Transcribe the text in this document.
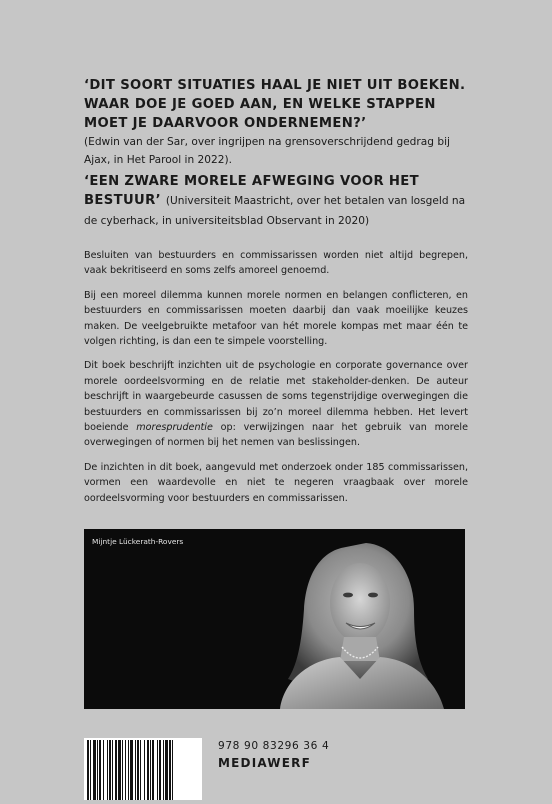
‘DIT SOORT SITUATIES HAAL JE NIET UIT BOEKEN. WAAR DOE JE GOED AAN, EN WELKE STAPPEN MOET JE DAARVOOR ONDERNEMEN?’

(Edwin van der Sar, over ingrijpen na grensoverschrijdend gedrag bij Ajax, in Het Parool in 2022).

‘EEN ZWARE MORELE AFWEGING VOOR HET BESTUUR’ (Universiteit Maastricht, over het betalen van losgeld na de cyberhack, in universiteitsblad Observant in 2020)

Besluiten van bestuurders en commissarissen worden niet altijd begrepen, vaak bekritiseerd en soms zelfs amoreel genoemd.

Bij een moreel dilemma kunnen morele normen en belangen conflicteren, en bestuurders en commissarissen moeten daarbij dan vaak moeilijke keuzes maken. De veelgebruikte metafoor van hét morele kompas met maar één te volgen richting, is dan een te simpele voorstelling.

Dit boek beschrijft inzichten uit de psychologie en corporate governance over morele oordeelsvorming en de relatie met stakeholder-denken. De auteur beschrijft in waargebeurde casussen de soms tegenstrijdige overwegingen die bestuurders en commissarissen bij zo’n moreel dilemma hebben. Het levert boeiende moresprudentie op: verwijzingen naar het gebruik van morele overwegingen of normen bij het nemen van beslissingen.

De inzichten in dit boek, aangevuld met onderzoek onder 185 commissarissen, vormen een waardevolle en niet te negeren vraagbaak over morele oordeelsvorming voor bestuurders en commissarissen.

Mijntje Lückerath-Rovers
978 90 83296 36 4
MEDIAWERF
